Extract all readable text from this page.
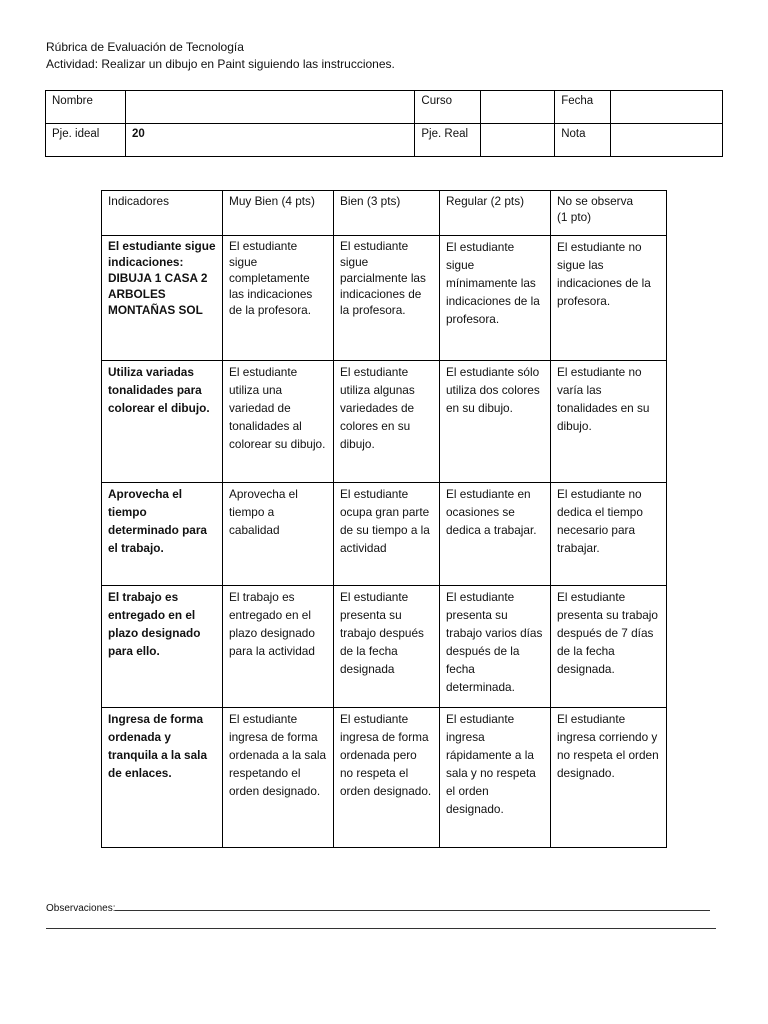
Rúbrica de Evaluación de Tecnología
Actividad: Realizar un dibujo en Paint siguiendo las instrucciones.
Nombre		Curso		Fecha	
Pje. ideal	20	Pje. Real		Nota	
Indicadores	Muy Bien (4 pts)	Bien (3 pts)	Regular (2 pts)	No se observa
(1 pto)
El estudiante sigue indicaciones: DIBUJA 1 CASA 2 ARBOLES MONTAÑAS SOL	El estudiante sigue completamente las indicaciones de la profesora.	El estudiante sigue parcialmente las indicaciones de la profesora.	El estudiante sigue mínimamente las indicaciones de la profesora.	El estudiante no sigue las indicaciones de la profesora.
Utiliza variadas tonalidades para colorear el dibujo.	El estudiante utiliza una variedad de tonalidades al colorear su dibujo.	El estudiante utiliza algunas variedades de colores en su dibujo.	El estudiante sólo utiliza dos colores en su dibujo.	El estudiante no varía las tonalidades en su dibujo.
Aprovecha el tiempo determinado para el trabajo.	Aprovecha el tiempo a cabalidad	El estudiante ocupa gran parte de su tiempo a la actividad	El estudiante en ocasiones se dedica a trabajar.	El estudiante no dedica el tiempo necesario para trabajar.
El trabajo es entregado en el plazo designado para ello.	El trabajo es entregado en el plazo designado para la actividad	El estudiante presenta su trabajo después de la fecha designada	El estudiante presenta su trabajo varios días después de la fecha determinada.	El estudiante presenta su trabajo después de 7 días de la fecha designada.
Ingresa de forma ordenada y tranquila a la sala de enlaces.	El estudiante ingresa de forma ordenada a la sala respetando el orden designado.	El estudiante ingresa de forma ordenada pero no respeta el orden designado.	El estudiante ingresa rápidamente a la sala y no respeta el orden designado.	El estudiante ingresa corriendo y no respeta el orden designado.
Observaciones:
